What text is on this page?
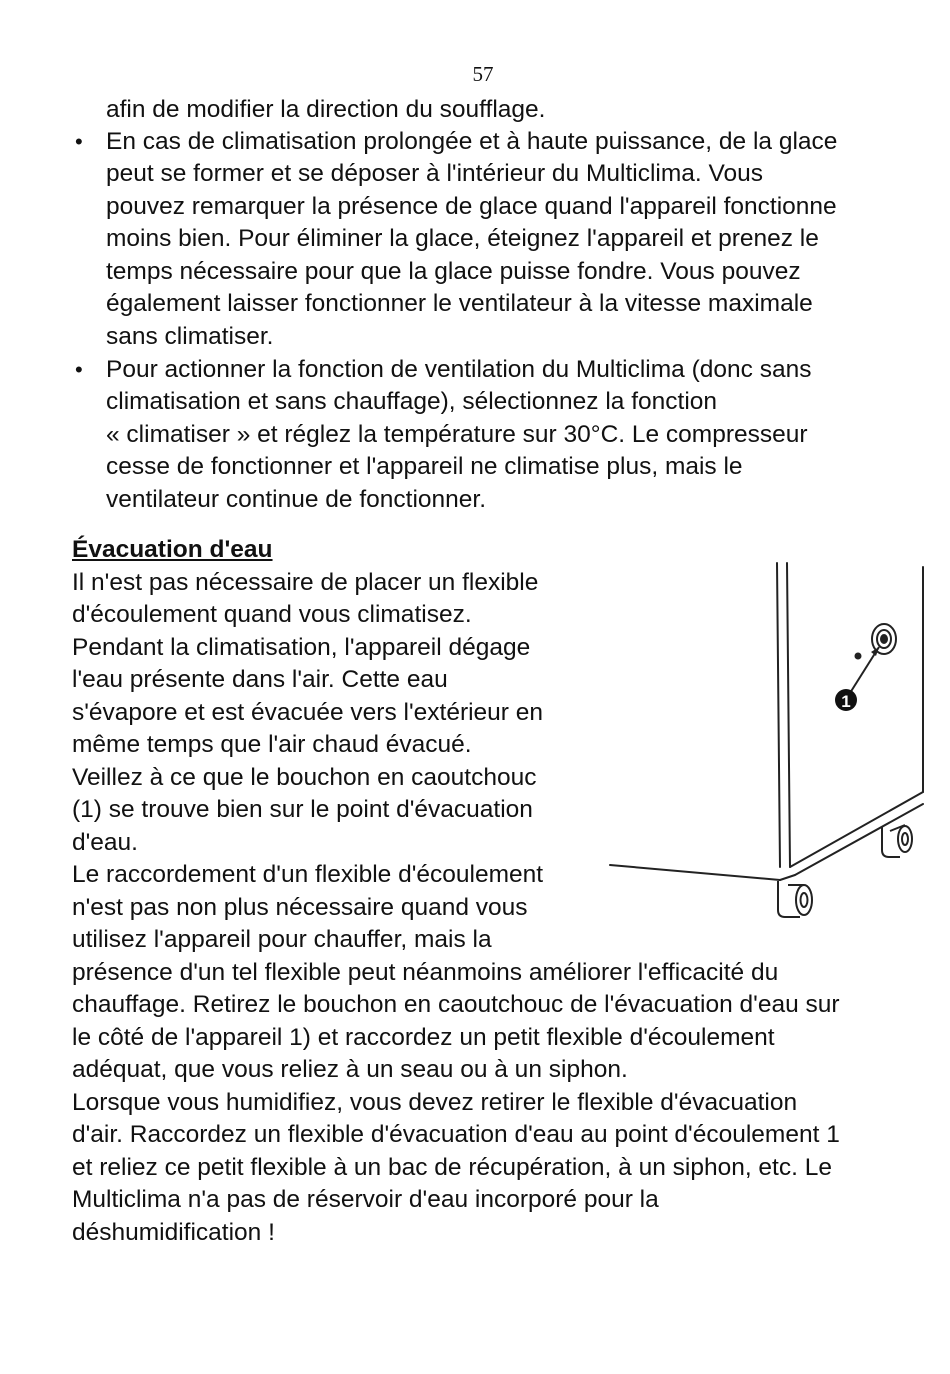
57
afin de modifier la direction du soufflage.
• En cas de climatisation prolongée et à haute puissance, de la glace
peut se former et se déposer à l'intérieur du Multiclima. Vous
pouvez remarquer la présence de glace quand l'appareil fonctionne
moins bien. Pour éliminer la glace, éteignez l'appareil et prenez le
temps nécessaire pour que la glace puisse fondre. Vous pouvez
également laisser fonctionner le ventilateur à la vitesse maximale
sans climatiser.
• Pour actionner la fonction de ventilation du Multiclima (donc sans
climatisation et sans chauffage), sélectionnez la fonction
« climatiser » et réglez la température sur 30°C. Le compresseur
cesse de fonctionner et l'appareil ne climatise plus, mais le
ventilateur continue de fonctionner.
Évacuation d'eau
Il n'est pas nécessaire de placer un flexible
d'écoulement quand vous climatisez.
Pendant la climatisation, l'appareil dégage
l'eau présente dans l'air. Cette eau
s'évapore et est évacuée vers l'extérieur en
même temps que l'air chaud évacué.
Veillez à ce que le bouchon en caoutchouc
(1) se trouve bien sur le point d'évacuation
d'eau.
Le raccordement d'un flexible d'écoulement
n'est pas non plus nécessaire quand vous
utilisez l'appareil pour chauffer, mais la
présence d'un tel flexible peut néanmoins améliorer l'efficacité du
chauffage. Retirez le bouchon en caoutchouc de l'évacuation d'eau sur
le côté de l'appareil 1) et raccordez un petit flexible d'écoulement
adéquat, que vous reliez à un seau ou à un siphon.
Lorsque vous humidifiez, vous devez retirer le flexible d'évacuation
d'air. Raccordez un flexible d'évacuation d'eau au point d'écoulement 1
et reliez ce petit flexible à un bac de récupération, à un siphon, etc. Le
Multiclima n'a pas de réservoir d'eau incorporé pour la
déshumidification !
1
